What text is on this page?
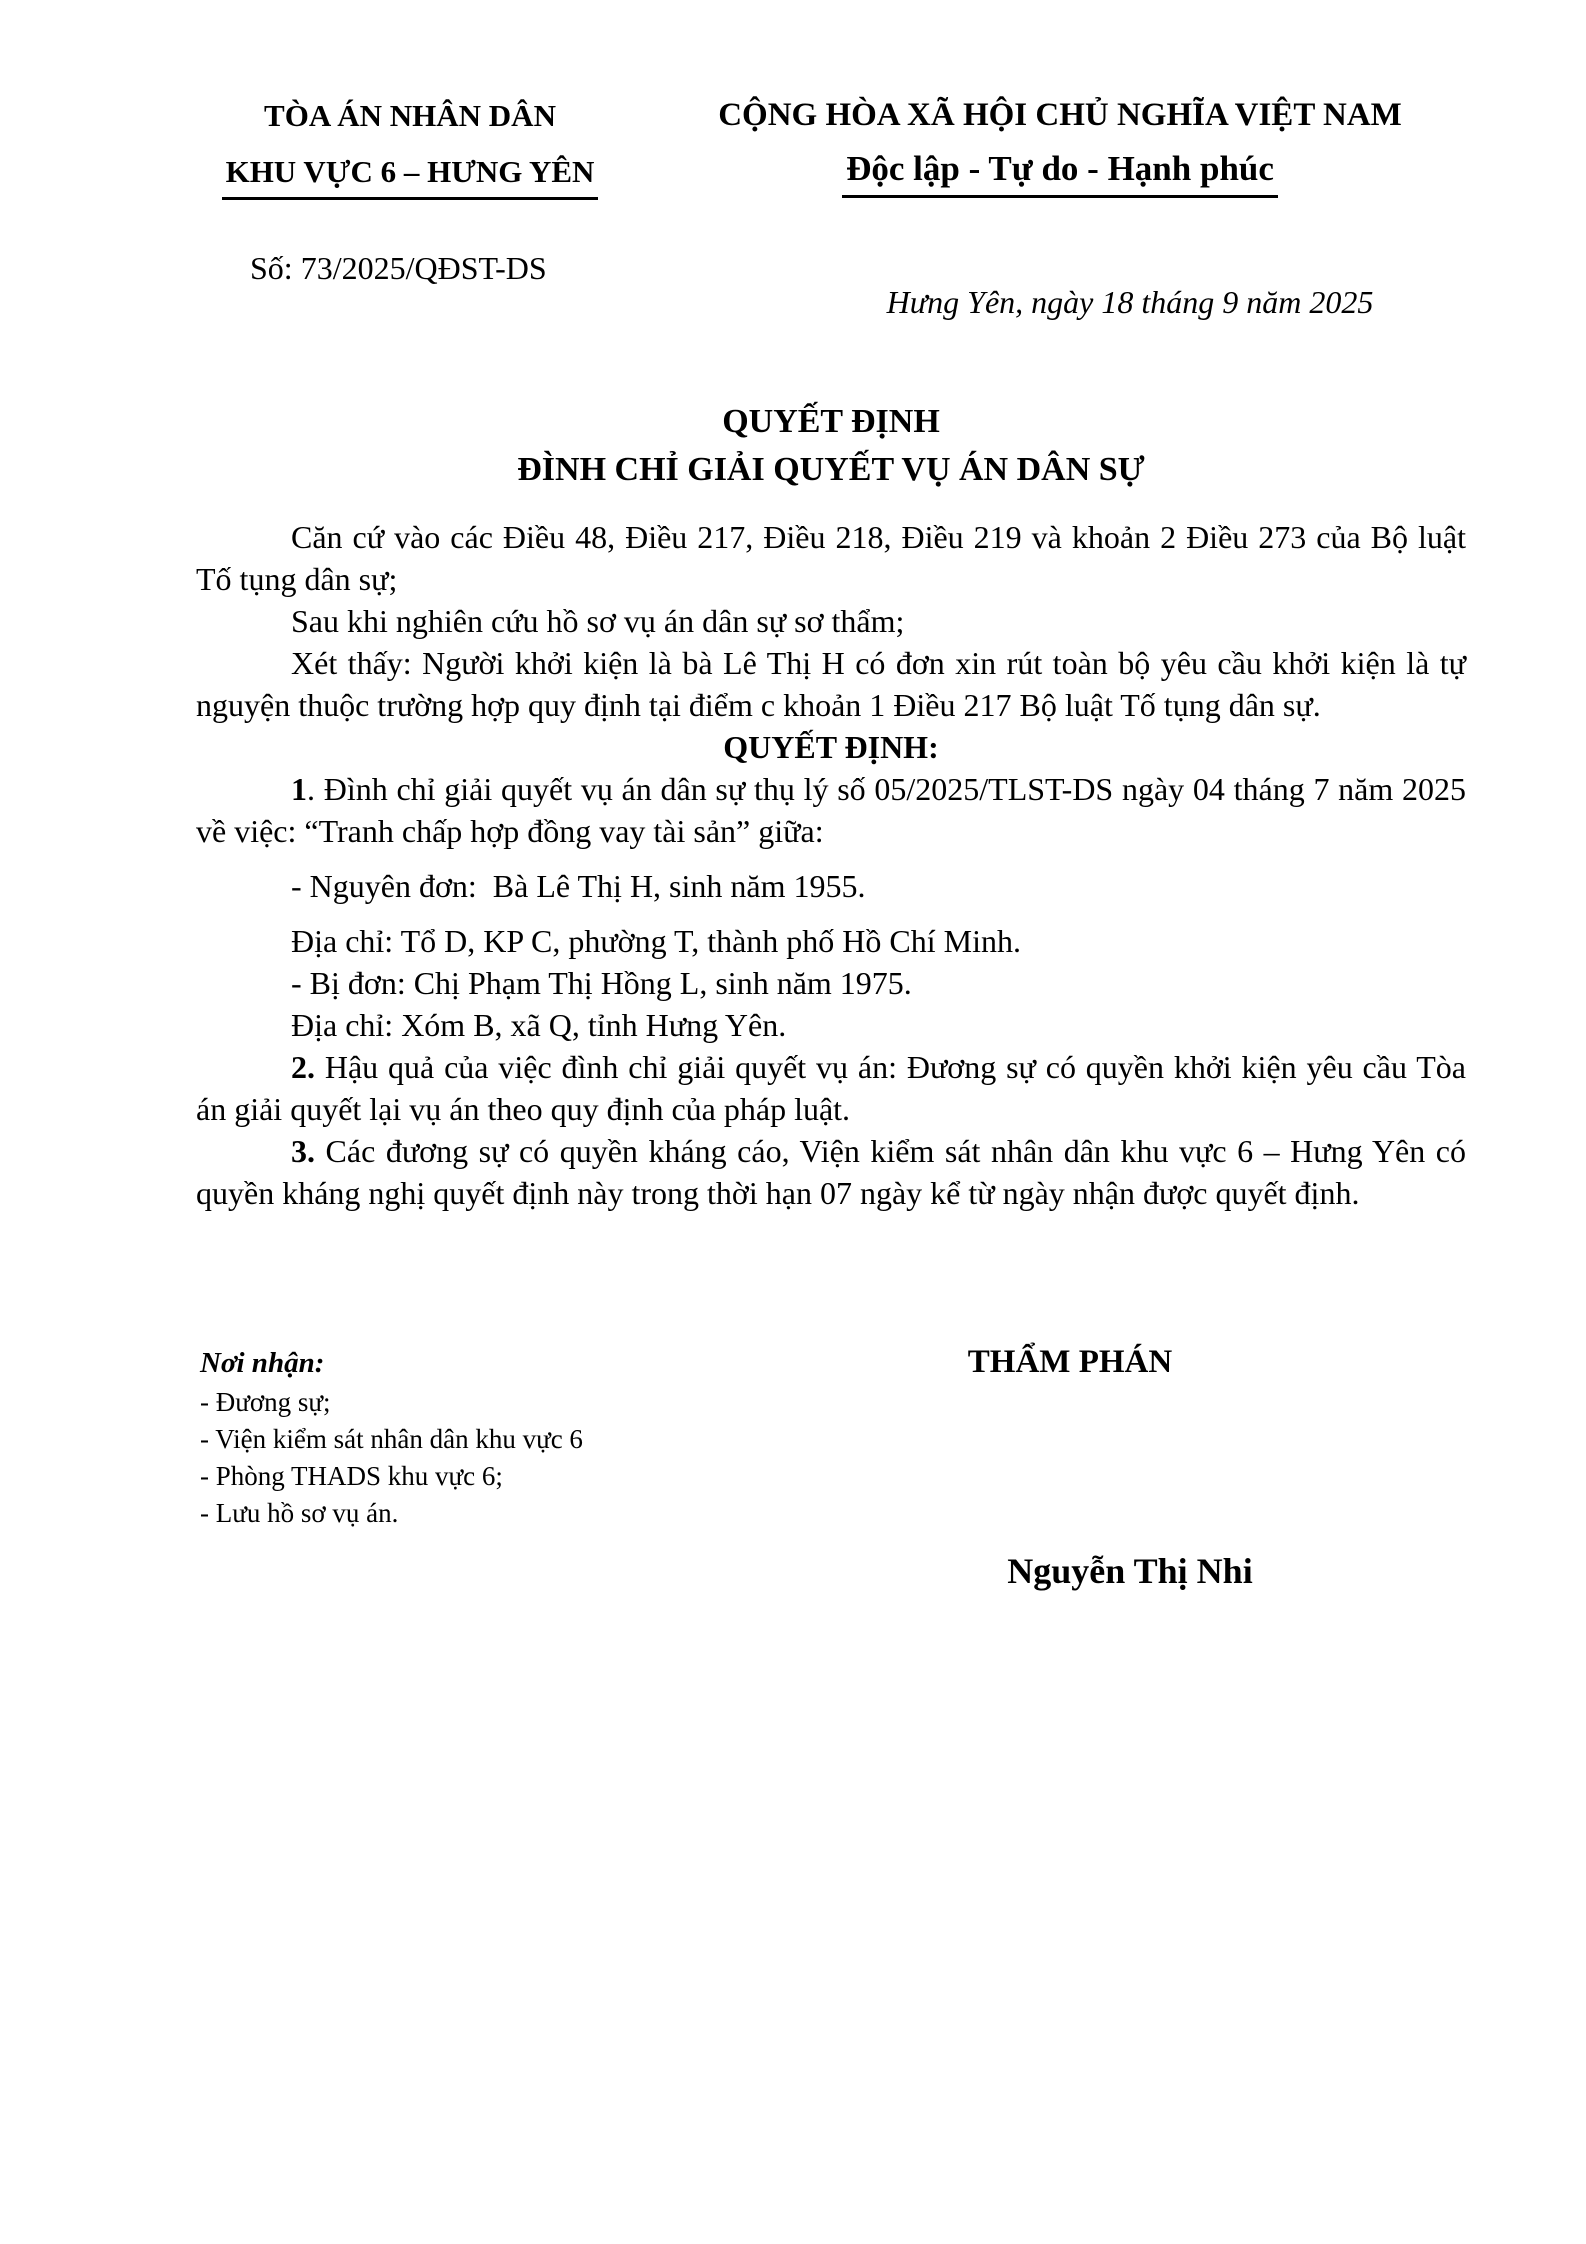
TÒA ÁN NHÂN DÂN
KHU VỰC 6 – HƯNG YÊN
CỘNG HÒA XÃ HỘI CHỦ NGHĨA VIỆT NAM
Độc lập - Tự do - Hạnh phúc
Số: 73/2025/QĐST-DS
Hưng Yên, ngày 18 tháng 9 năm 2025
QUYẾT ĐỊNH
ĐÌNH CHỈ GIẢI QUYẾT VỤ ÁN DÂN SỰ

Căn cứ vào các Điều 48, Điều 217, Điều 218, Điều 219 và khoản 2 Điều 273 của Bộ luật Tố tụng dân sự;

Sau khi nghiên cứu hồ sơ vụ án dân sự sơ thẩm;

Xét thấy: Người khởi kiện là bà Lê Thị H có đơn xin rút toàn bộ yêu cầu khởi kiện là tự nguyện thuộc trường hợp quy định tại điểm c khoản 1 Điều 217 Bộ luật Tố tụng dân sự.

QUYẾT ĐỊNH:

1. Đình chỉ giải quyết vụ án dân sự thụ lý số 05/2025/TLST-DS ngày 04 tháng 7 năm 2025 về việc: “Tranh chấp hợp đồng vay tài sản” giữa:

- Nguyên đơn:  Bà Lê Thị H, sinh năm 1955.

Địa chỉ: Tổ D, KP C, phường T, thành phố Hồ Chí Minh.

- Bị đơn: Chị Phạm Thị Hồng L, sinh năm 1975.

Địa chỉ: Xóm B, xã Q, tỉnh Hưng Yên.

2. Hậu quả của việc đình chỉ giải quyết vụ án: Đương sự có quyền khởi kiện yêu cầu Tòa án giải quyết lại vụ án theo quy định của pháp luật.

3. Các đương sự có quyền kháng cáo, Viện kiểm sát nhân dân khu vực 6 – Hưng Yên có quyền kháng nghị quyết định này trong thời hạn 07 ngày kể từ ngày nhận được quyết định.

Nơi nhận:

- Đương sự;
- Viện kiểm sát nhân dân khu vực 6
- Phòng THADS khu vực 6;
- Lưu hồ sơ vụ án.
THẨM PHÁN
Nguyễn Thị Nhi
